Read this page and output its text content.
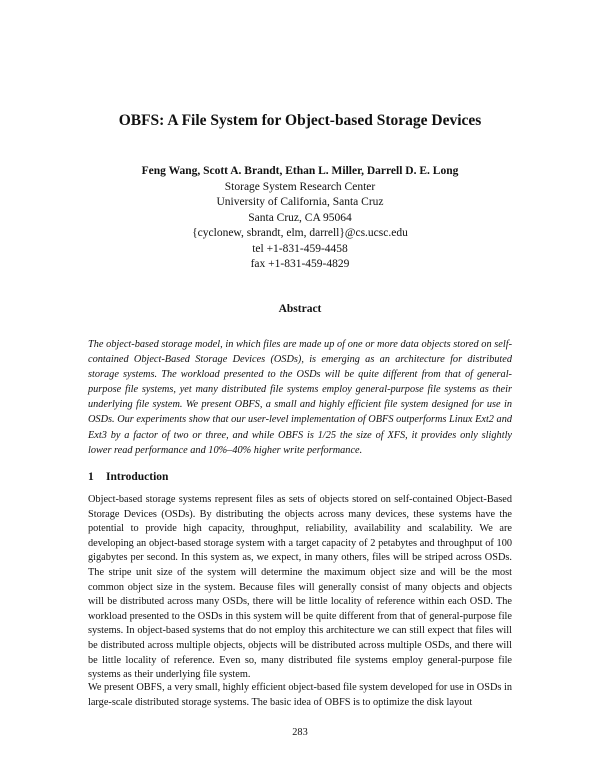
OBFS: A File System for Object-based Storage Devices
Feng Wang, Scott A. Brandt, Ethan L. Miller, Darrell D. E. Long
Storage System Research Center
University of California, Santa Cruz
Santa Cruz, CA 95064
{cyclonew, sbrandt, elm, darrell}@cs.ucsc.edu
tel +1-831-459-4458
fax +1-831-459-4829
Abstract
The object-based storage model, in which files are made up of one or more data objects stored on self-contained Object-Based Storage Devices (OSDs), is emerging as an architecture for distributed storage systems. The workload presented to the OSDs will be quite different from that of general-purpose file systems, yet many distributed file systems employ general-purpose file systems as their underlying file system. We present OBFS, a small and highly efficient file system designed for use in OSDs. Our experiments show that our user-level implementation of OBFS outperforms Linux Ext2 and Ext3 by a factor of two or three, and while OBFS is 1/25 the size of XFS, it provides only slightly lower read performance and 10%–40% higher write performance.
1 Introduction
Object-based storage systems represent files as sets of objects stored on self-contained Object-Based Storage Devices (OSDs). By distributing the objects across many devices, these systems have the potential to provide high capacity, throughput, reliability, availability and scalability. We are developing an object-based storage system with a target capacity of 2 petabytes and throughput of 100 gigabytes per second. In this system as, we expect, in many others, files will be striped across OSDs. The stripe unit size of the system will determine the maximum object size and will be the most common object size in the system. Because files will generally consist of many objects and objects will be distributed across many OSDs, there will be little locality of reference within each OSD. The workload presented to the OSDs in this system will be quite different from that of general-purpose file systems. In object-based systems that do not employ this architecture we can still expect that files will be distributed across multiple objects, objects will be distributed across multiple OSDs, and there will be little locality of reference. Even so, many distributed file systems employ general-purpose file systems as their underlying file system.
We present OBFS, a very small, highly efficient object-based file system developed for use in OSDs in large-scale distributed storage systems. The basic idea of OBFS is to optimize the disk layout
283
